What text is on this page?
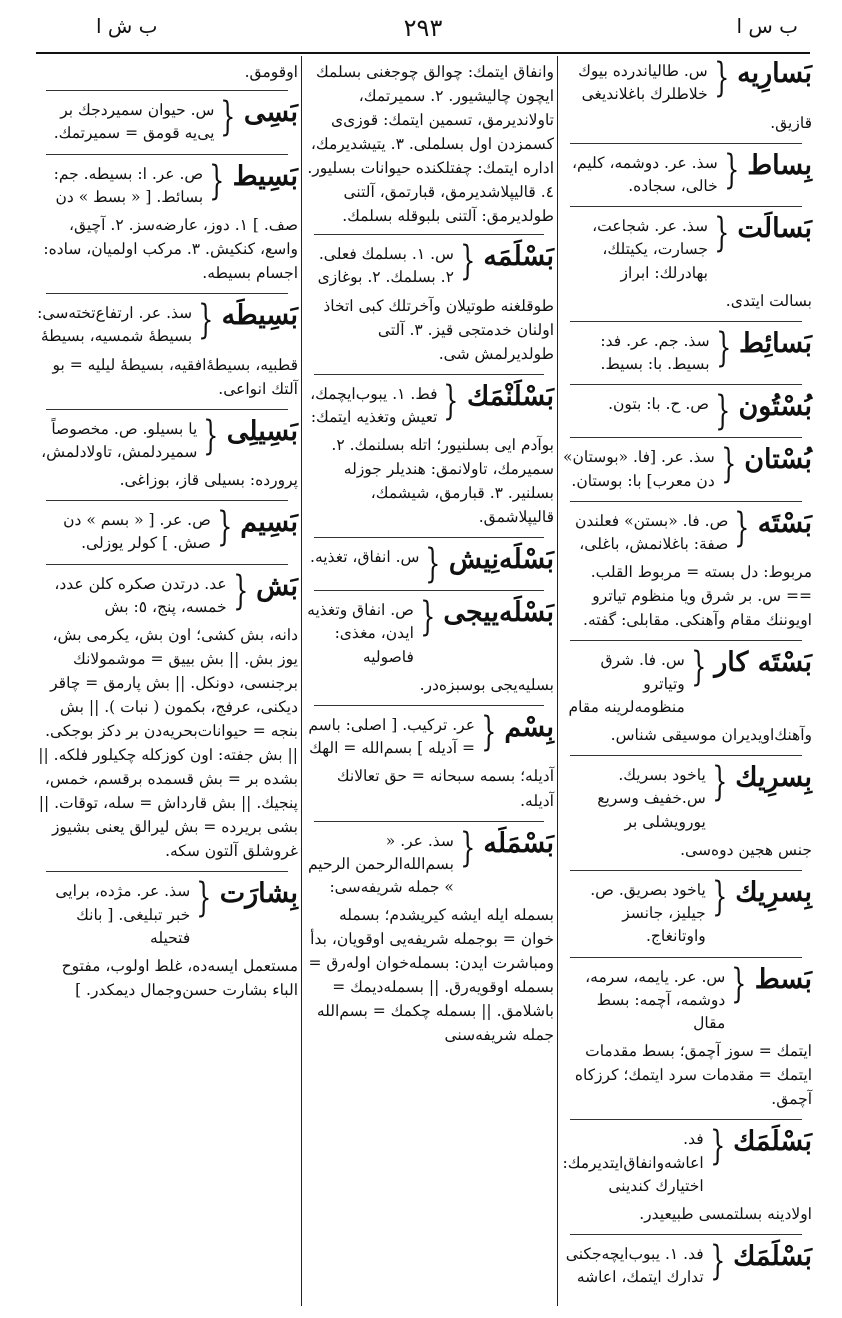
ب س ا
٢٩٣
ب ش ا
بَسارِيه
{
س. طالیاندرده بیوك خلاطلرك باغلاندیغی
قازیق.
بِساط
{
سذ. عر. دوشمه، کلیم، خالی، سجاده.
بَسالَت
{
سذ. عر. شجاعت، جسارت، یکیتلك، بهادرلك: ابراز
بسالت ایتدی.
بَسائِط
{
سذ. جم. عر. فد: بسیط. با: بسیط.
بُسْتُون
{
ص. ح. با: بتون.
بُسْتان
{
سذ. عر. [فا. «بوستان» دن معرب] با: بوستان.
بَسْتَه
{
ص. فا. «بستن» فعلندن صفة: باغلانمش، باغلی،
مربوط: دل بسته = مربوط القلب. == س. بر شرق ویا منظوم تیاترو اویوننك مقام وآهنکی. مقابلی: گفته.
بَسْتَه کار
{
س. فا. شرق وتیاترو منظومه‌لرینه مقام
وآهنك‌اویدیران موسیقی شناس.
بِسرِیك
{
یاخود بسریك. س.خفیف وسریع یورویشلی بر
جنس هجین دوه‌سی.
بِسرِیك
{
یاخود بصریق. ص. جیلیز، جانسز واوتانغاج.
بَسط
{
س. عر. یایمه، سرمه، دوشمه، آچمه: بسط مقال
ایتمك = سوز آچمق؛ بسط مقدمات ایتمك = مقدمات سرد ایتمك؛ کرزکاه آچمق.
بَسْلَمَك
{
فد. اعاشه‌وانفاق‌ایتدیرمك: اختیارك کندینی
اولادینه بسلتمسی طبیعیدر.
بَسْلَمَك
{
فد. ١. یبوب‌ایچه‌جکنی تدارك ایتمك، اعاشه

وانفاق ایتمك: چوالق چوجغنی بسلمك ایچون چالیشیور. ٢. سمیرتمك، تاولاندیرمق، تسمین ایتمك: قوزی‌ی کسمزدن اول بسلملی. ٣. یتیشدیرمك، اداره ایتمك: چفتلکنده حیوانات بسلیور. ٤. قالیپلاشدیرمق، قبارتمق، آلتنی طولدیرمق: آلتنی بلبوقله بسلمك.

بَسْلَمَه
{
س. ١. بسلمك فعلی. ٢. بسلمك. ٢. بوغازی
طوقلغنه طوتیلان وآخرتلك کبی اتخاذ اولنان خدمتجی قیز. ٣. آلتی طولدیرلمش شی.
بَسْلَنْمَك
{
فط. ١. یبوب‌ایچمك، تعیش وتغذیه ایتمك:
بوآدم ایی بسلنیور؛ اتله بسلنمك. ٢. سمیرمك، تاولانمق: هندیلر جوزله بسلنیر. ٣. قبارمق، شیشمك، قالیپلاشمق.
بَسْلَه‌نِیش
{
س. انفاق، تغذیه.
بَسْلَه‌ییجی
{
ص. انفاق وتغذیه ایدن، مغذی: فاصولیه
بسلیه‌یجی بوسبزه‌در.
بِسْم
{
عر. ترکیب. [ اصلی: باسم = آدیله ] بسم‌الله = الهك
آدیله؛ بسمه سبحانه = حق تعالانك آدیله.
بَسْمَلَه
{
سذ. عر. « بسم‌الله‌الرحمن الرحیم » جمله شریفه‌سی:
بسمله ایله ایشه کیریشدم؛ بسمله خوان = بوجمله شریفه‌یی اوقویان، بدأ ومباشرت ایدن: بسمله‌خوان اوله‌رق = بسمله اوقویه‌رق. || بسمله‌دیمك = باشلامق. || بسمله چکمك = بسم‌الله جمله شریفه‌سنی

اوقومق.

بَسِی
{
س. حیوان سمیردجك بر یی‌یه قومق = سمیرتمك.
بَسِیط
{
ص. عر. ا: بسیطه. جم: بسائط. [ « بسط » دن
صف. ] ١. دوز، عارضه‌سز. ٢. آچیق، واسع، کنکیش. ٣. مرکب اولمیان، ساده: اجسام بسیطه.
بَسِیطَه
{
سذ. عر. ارتفاع‌تخته‌سی: بسیطۀ شمسیه، بسیطۀ
قطبیه، بسیطۀافقیه، بسیطۀ لیلیه = بو آلتك انواعی.
بَسِیلِی
{
یا بسیلو. ص. مخصوصاً سمیردلمش، تاولادلمش،
پرورده: بسیلی قاز، بوزاغی.
بَسِیم
{
ص. عر. [ « بسم » دن صش. ] کولر یوزلی.
بَش
{
عد. درتدن صکره کلن عدد، خمسه، پنج، ٥: بش
دانه، بش کشی؛ اون بش، یکرمی بش، یوز بش. || بش بییق = موشمولانك برجنسی، دونکل. || بش پارمق = چاقر دیکنی، عرفج، بکمون ( نبات ). || بش بنجه = حیوانات‌بحریه‌دن بر دکز بوجکی. || بش جفته: اون کوزکله چکیلور فلکه. || بشده بر = بش قسمده برقسم، خمس، پنجیك. || بش قارداش = سله، توقات. || بشی بریرده = بش لیرالق یعنی بشیوز غروشلق آلتون سکه.
بِشارَت
{
سذ. عر. مژده، برایی خبر تبلیغی. [ بانك فتحیله
مستعمل ایسه‌ده، غلط اولوب، مفتوح الباء بشارت حسن‌وجمال دیمکدر. ]
